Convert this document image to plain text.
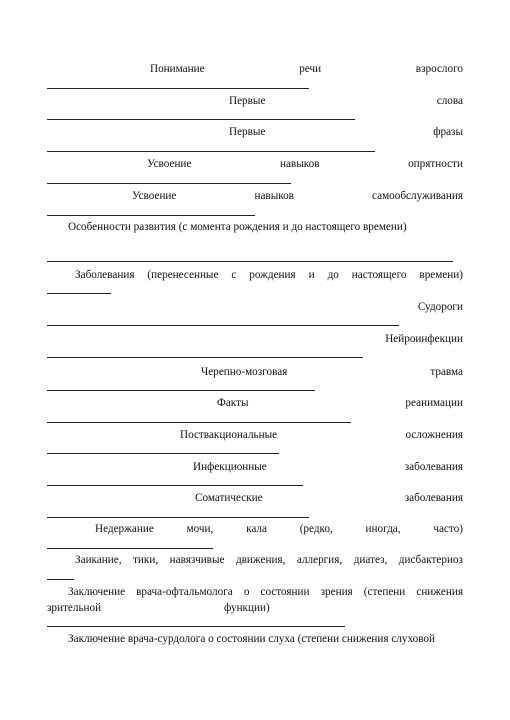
Понимание	речи	взрослого
Первые	слова
Первые	фразы
Усвоение	навыков	опрятности
Усвоение	навыков	самообслуживания
Особенности развития (с момента рождения и до настоящего времени)
Заболевания (перенесенные с рождения и до настоящего времени)
Судороги
Нейроинфекции
Черепно-мозговая	травма
Факты	реанимации
Поствакциональные	осложнения
Инфекционные	заболевания
Соматические	заболевания
Недержание	мочи,	кала	(редко,	иногда,	часто)
Заикание, тики, навязчивые движения, аллергия, диатез, дисбактериоз
Заключение врача-офтальмолога о состоянии зрения (степени снижения
зрительной	функции)
Заключение врача-сурдолога о состоянии слуха (степени снижения слуховой
